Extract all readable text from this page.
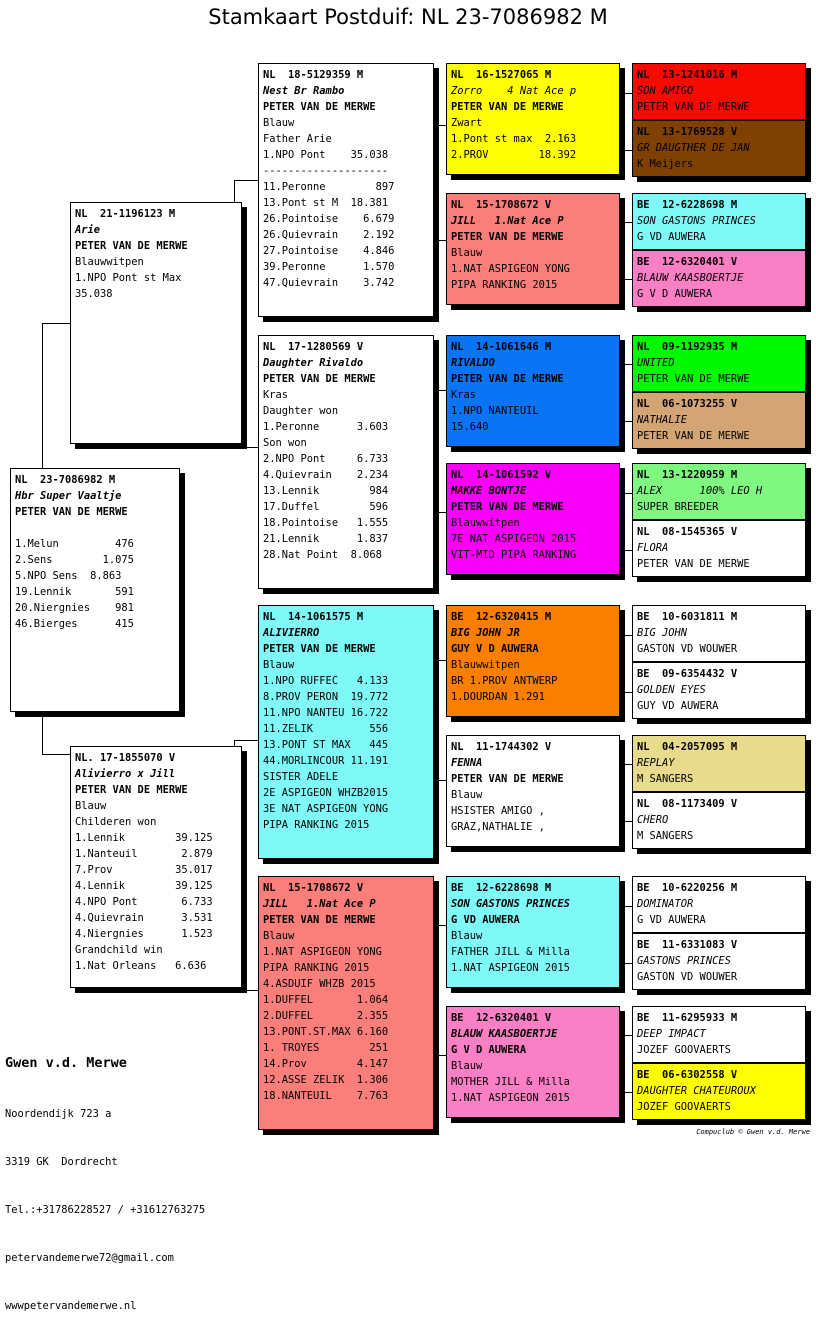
Stamkaart Postduif: NL 23-7086982 M
NL  23-7086982 M
Hbr Super Vaaltje
PETER VAN DE MERWE
1.Melun         476
2.Sens        1.075
5.NPO Sens  8.863
19.Lennik       591
20.Niergnies    981
46.Bierges      415
NL  21-1196123 M
Arie
PETER VAN DE MERWE
Blauwwitpen
1.NPO Pont st Max
35.038
NL. 17-1855070 V
Alivierro x Jill
PETER VAN DE MERWE
Blauw
Childeren won
1.Lennik        39.125
1.Nanteuil       2.879
7.Prov          35.017
4.Lennik        39.125
4.NPO Pont       6.733
4.Quievrain      3.531
4.Niergnies      1.523
Grandchild win
1.Nat Orleans   6.636
NL  18-5129359 M
Nest Br Rambo
PETER VAN DE MERWE
Blauw
Father Arie
1.NPO Pont    35.038
--------------------
11.Peronne        897
13.Pont st M  18.381
26.Pointoise    6.679
26.Quievrain    2.192
27.Pointoise    4.846
39.Peronne      1.570
47.Quievrain    3.742
NL  17-1280569 V
Daughter Rivaldo
PETER VAN DE MERWE
Kras
Daughter won
1.Peronne      3.603
Son won
2.NPO Pont     6.733
4.Quievrain    2.234
13.Lennik        984
17.Duffel        596
18.Pointoise   1.555
21.Lennik      1.837
28.Nat Point  8.068
NL  14-1061575 M
ALIVIERRO
PETER VAN DE MERWE
Blauw
1.NPO RUFFEC   4.133
8.PROV PERON  19.772
11.NPO NANTEU 16.722
11.ZELIK         556
13.PONT ST MAX   445
44.MORLINCOUR 11.191
SISTER ADELE
2E ASPIGEON WHZB2015
3E NAT ASPIGEON YONG
PIPA RANKING 2015
NL  15-1708672 V
JILL   1.Nat Ace P
PETER VAN DE MERWE
Blauw
1.NAT ASPIGEON YONG
PIPA RANKING 2015
4.ASDUIF WHZB 2015
1.DUFFEL       1.064
2.DUFFEL       2.355
13.PONT.ST.MAX 6.160
1. TROYES        251
14.Prov        4.147
12.ASSE ZELIK  1.306
18.NANTEUIL    7.763
NL  16-1527065 M
Zorro    4 Nat Ace p
PETER VAN DE MERWE
Zwart
1.Pont st max  2.163
2.PROV        18.392
NL  15-1708672 V
JILL   1.Nat Ace P
PETER VAN DE MERWE
Blauw
1.NAT ASPIGEON YONG
PIPA RANKING 2015
NL  14-1061646 M
RIVALDO
PETER VAN DE MERWE
Kras
1.NPO NANTEUIL
15.640
NL  14-1061592 V
MAKKE BONTJE
PETER VAN DE MERWE
Blauwwitpen
7E NAT ASPIGEON 2015
VIT-MID PIPA RANKING
BE  12-6320415 M
BIG JOHN JR
GUY V D AUWERA
Blauwwitpen
BR 1.PROV ANTWERP
1.DOURDAN 1.291
NL  11-1744302 V
FENNA
PETER VAN DE MERWE
Blauw
HSISTER AMIGO ,
GRAZ,NATHALIE ,
BE  12-6228698 M
SON GASTONS PRINCES
G VD AUWERA
Blauw
FATHER JILL & Milla
1.NAT ASPIGEON 2015
BE  12-6320401 V
BLAUW KAASBOERTJE
G V D AUWERA
Blauw
MOTHER JILL & Milla
1.NAT ASPIGEON 2015
NL  13-1241016 M
SON AMIGO
PETER VAN DE MERWE
NL  13-1769528 V
GR DAUGTHER DE JAN
K Meijers
BE  12-6228698 M
SON GASTONS PRINCES
G VD AUWERA
BE  12-6320401 V
BLAUW KAASBOERTJE
G V D AUWERA
NL  09-1192935 M
UNITED
PETER VAN DE MERWE
NL  06-1073255 V
NATHALIE
PETER VAN DE MERWE
NL  13-1220959 M
ALEX      100% LEO H
SUPER BREEDER
NL  08-1545365 V
FLORA
PETER VAN DE MERWE
BE  10-6031811 M
BIG JOHN
GASTON VD WOUWER
BE  09-6354432 V
GOLDEN EYES
GUY VD AUWERA
NL  04-2057095 M
REPLAY
M SANGERS
NL  08-1173409 V
CHERO
M SANGERS
BE  10-6220256 M
DOMINATOR
G VD AUWERA
BE  11-6331083 V
GASTONS PRINCES
GASTON VD WOUWER
BE  11-6295933 M
DEEP IMPACT
JOZEF GOOVAERTS
BE  06-6302558 V
DAUGHTER CHATEUROUX
JOZEF GOOVAERTS

Gwen v.d. Merwe

Noordendijk 723 a

3319 GK  Dordrecht

Tel.:+31786228527 / +31612763275

petervandemerwe72@gmail.com

wwwpetervandemerwe.nl

Compuclub © Gwen v.d. Merwe
